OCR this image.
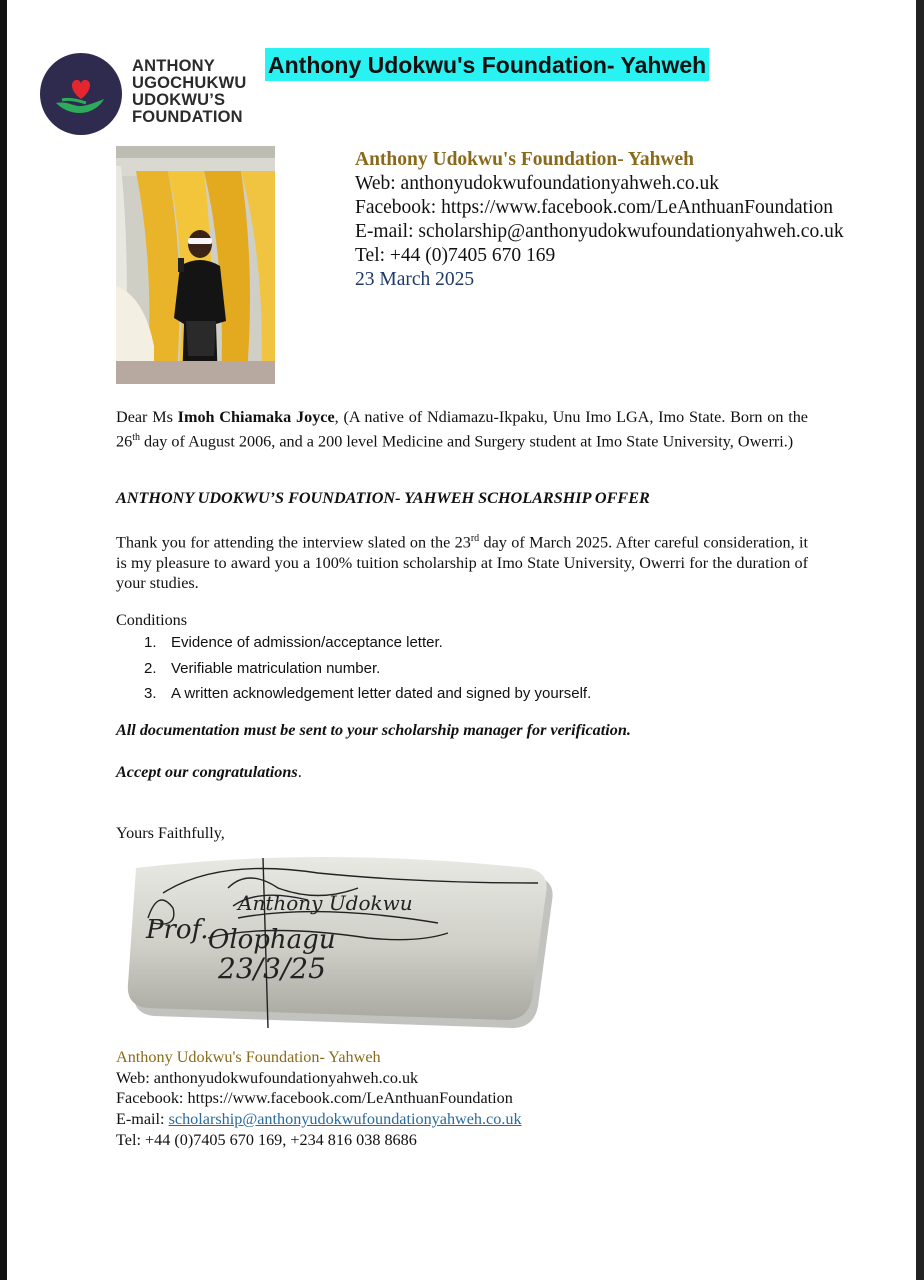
ANTHONY
UGOCHUKWU
UDOKWU’S
FOUNDATION
Anthony Udokwu's Foundation- Yahweh
Anthony Udokwu's Foundation- Yahweh
Web: anthonyudokwufoundationyahweh.co.uk
Facebook: https://www.facebook.com/LeAnthuanFoundation
E-mail: scholarship@anthonyudokwufoundationyahweh.co.uk
Tel: +44 (0)7405 670 169
23 March 2025
Dear Ms Imoh Chiamaka Joyce, (A native of Ndiamazu-Ikpaku, Unu Imo LGA, Imo State. Born on the 26th day of August 2006, and a 200 level Medicine and Surgery student at Imo State University, Owerri.)
ANTHONY UDOKWU’S FOUNDATION- YAHWEH SCHOLARSHIP OFFER
Thank you for attending the interview slated on the 23rd day of March 2025. After careful consideration, it is my pleasure to award you a 100% tuition scholarship at Imo State University, Owerri for the duration of your studies.
Conditions
1. Evidence of admission/acceptance letter.
2. Verifiable matriculation number.
3. A written acknowledgement letter dated and signed by yourself.
All documentation must be sent to your scholarship manager for verification.
Accept our congratulations.
Yours Faithfully,
Prof.
Anthony Udokwu
Olophagu
23/3/25
Anthony Udokwu's Foundation- Yahweh
Web: anthonyudokwufoundationyahweh.co.uk
Facebook: https://www.facebook.com/LeAnthuanFoundation
E-mail: scholarship@anthonyudokwufoundationyahweh.co.uk
Tel: +44 (0)7405 670 169, +234 816 038 8686
